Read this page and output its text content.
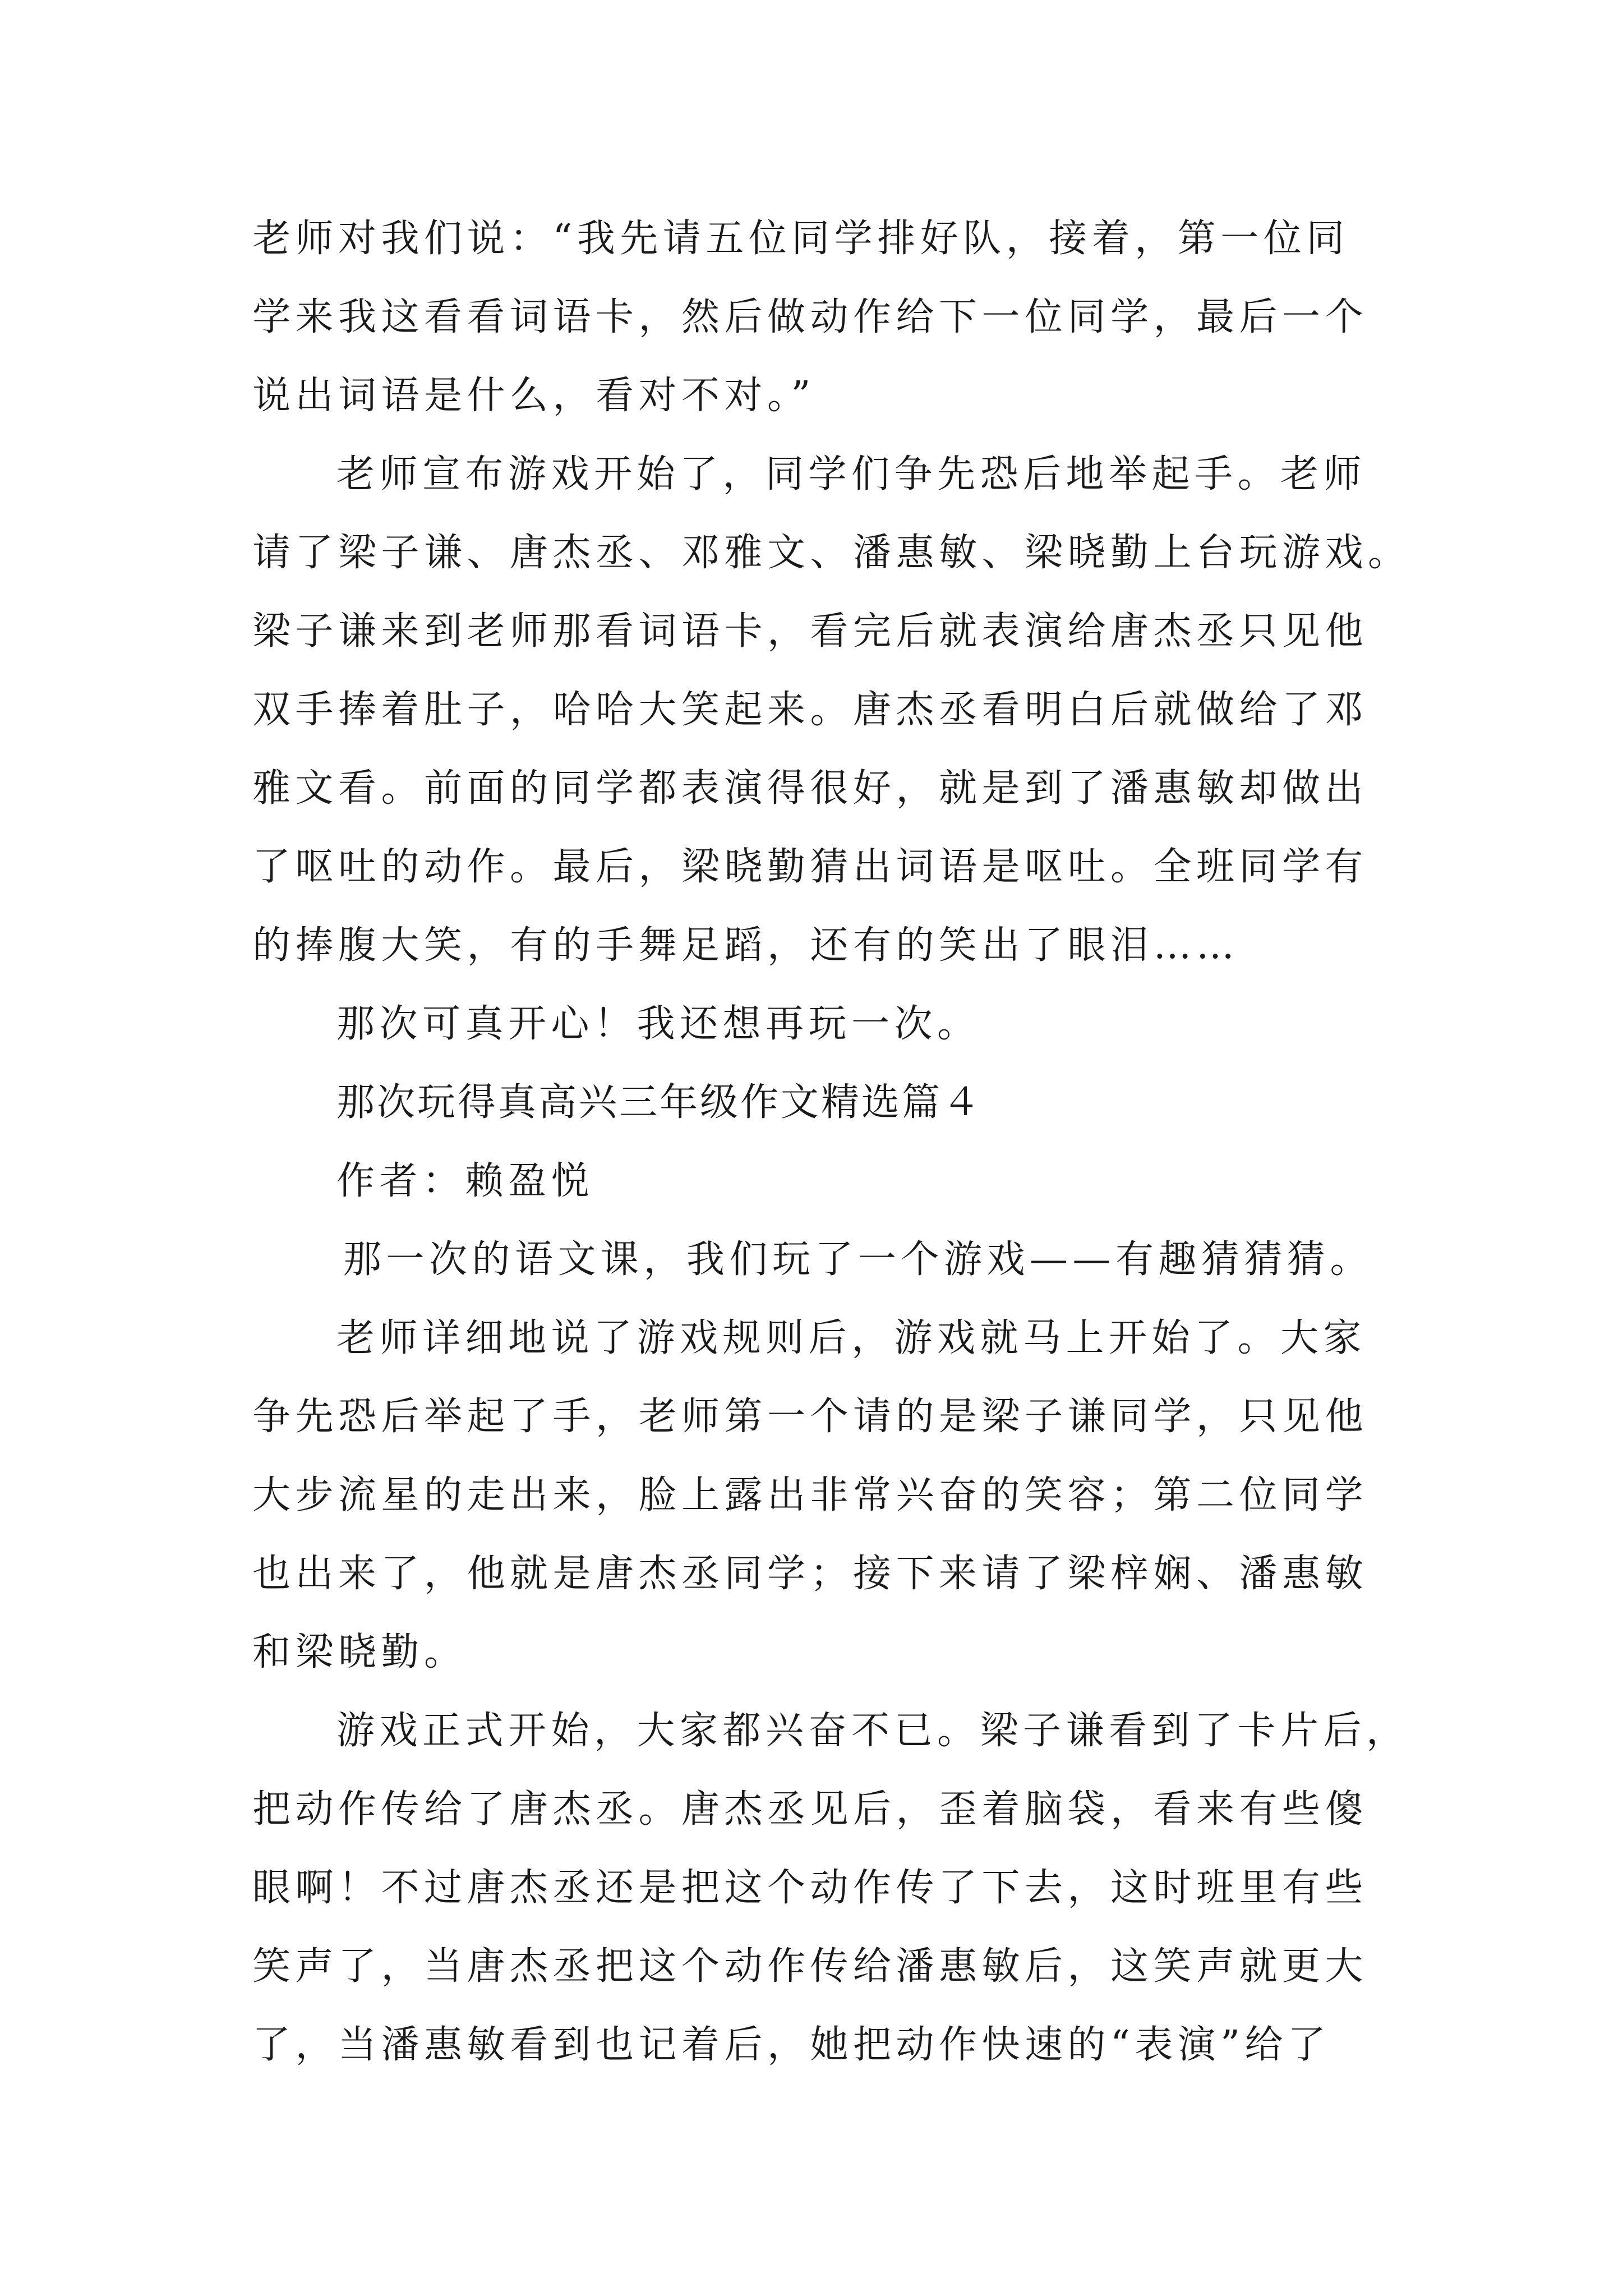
老师对我们说：“我先请五位同学排好队，接着，第一位同
学来我这看看词语卡，然后做动作给下一位同学，最后一个
说出词语是什么，看对不对。”
老师宣布游戏开始了，同学们争先恐后地举起手。老师
请了梁子谦、唐杰丞、邓雅文、潘惠敏、梁晓勤上台玩游戏。
梁子谦来到老师那看词语卡，看完后就表演给唐杰丞只见他
双手捧着肚子，哈哈大笑起来。唐杰丞看明白后就做给了邓
雅文看。前面的同学都表演得很好，就是到了潘惠敏却做出
了呕吐的动作。最后，梁晓勤猜出词语是呕吐。全班同学有
的捧腹大笑，有的手舞足蹈，还有的笑出了眼泪……
那次可真开心！我还想再玩一次。
那次玩得真高兴三年级作文精选篇４
作者：赖盈悦
那一次的语文课，我们玩了一个游戏——有趣猜猜猜。
老师详细地说了游戏规则后，游戏就马上开始了。大家
争先恐后举起了手，老师第一个请的是梁子谦同学，只见他
大步流星的走出来，脸上露出非常兴奋的笑容；第二位同学
也出来了，他就是唐杰丞同学；接下来请了梁梓娴、潘惠敏
和梁晓勤。
游戏正式开始，大家都兴奋不已。梁子谦看到了卡片后，
把动作传给了唐杰丞。唐杰丞见后，歪着脑袋，看来有些傻
眼啊！不过唐杰丞还是把这个动作传了下去，这时班里有些
笑声了，当唐杰丞把这个动作传给潘惠敏后，这笑声就更大
了，当潘惠敏看到也记着后，她把动作快速的“表演”给了
